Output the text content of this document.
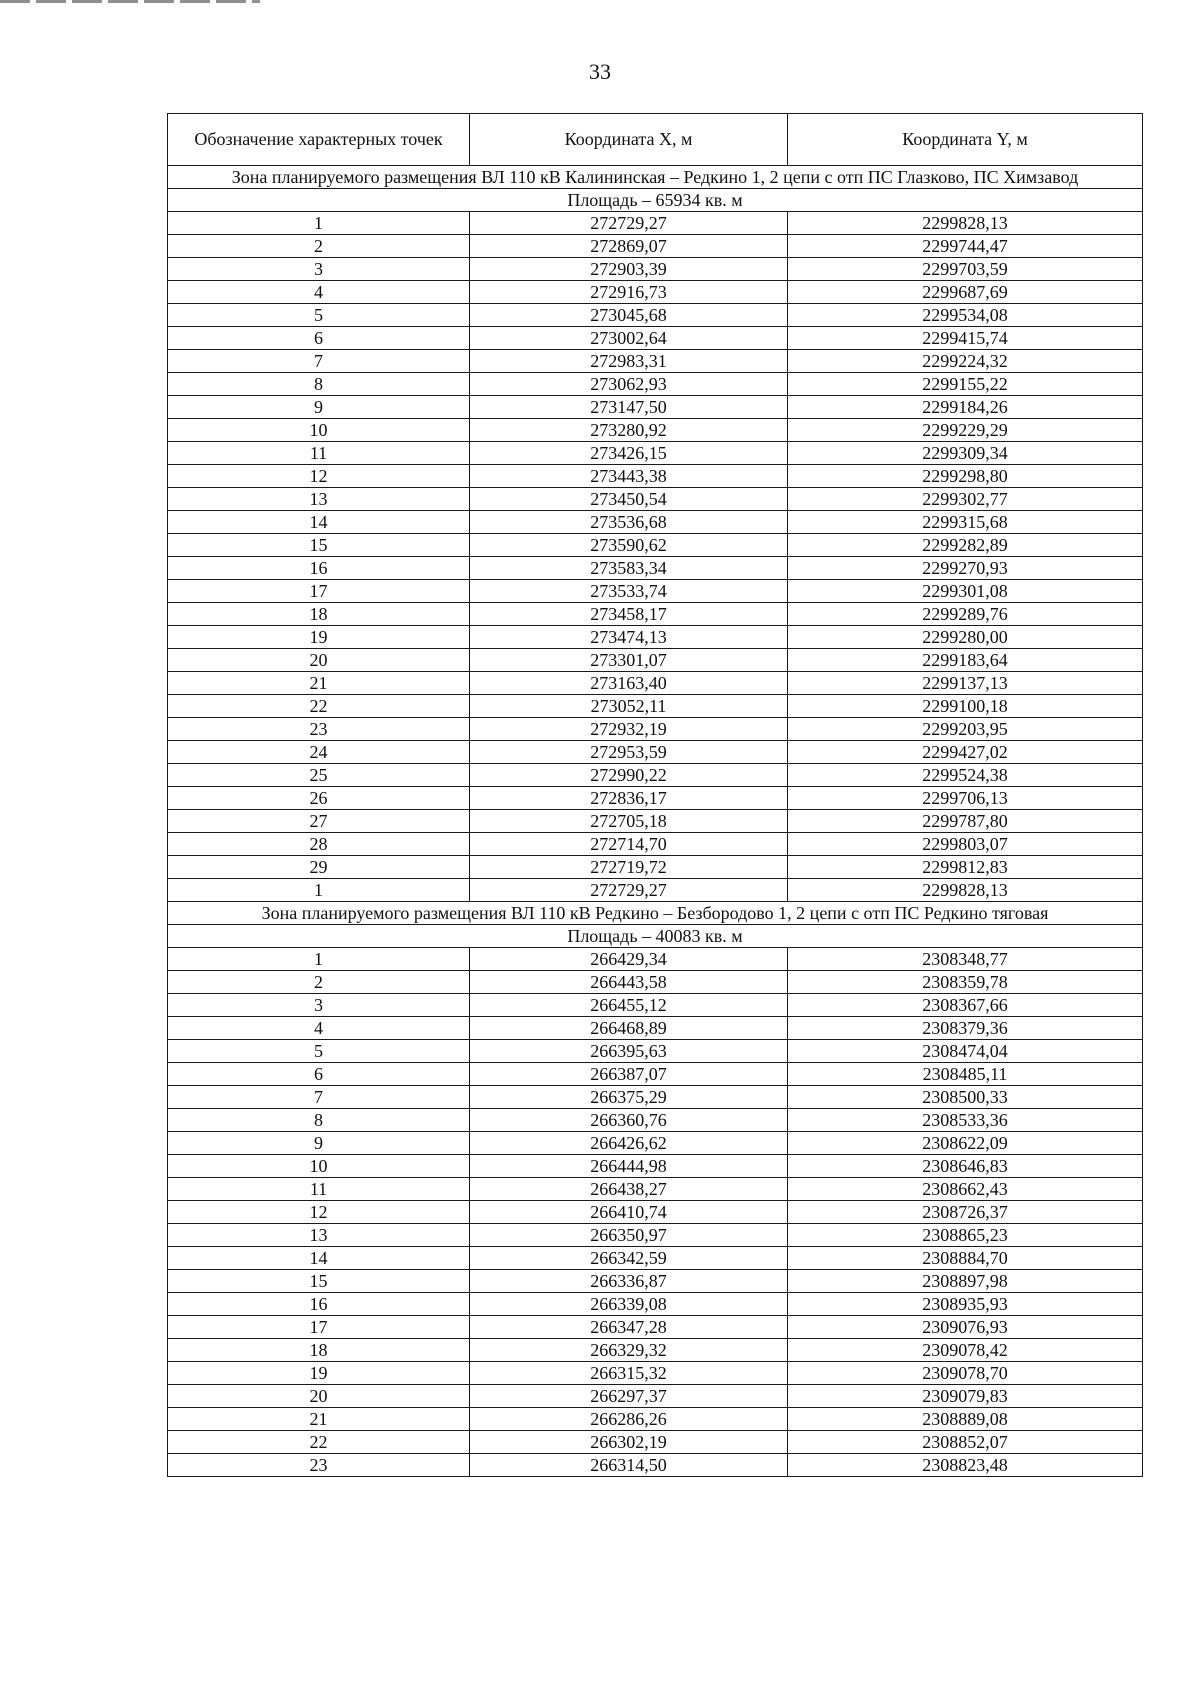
33
Обозначение характерных точек	Координата X, м	Координата Y, м
Зона планируемого размещения ВЛ 110 кВ Калининская – Редкино 1, 2 цепи с отп ПС Глазково, ПС Химзавод		
Площадь – 65934 кв. м		
1	272729,27	2299828,13
2	272869,07	2299744,47
3	272903,39	2299703,59
4	272916,73	2299687,69
5	273045,68	2299534,08
6	273002,64	2299415,74
7	272983,31	2299224,32
8	273062,93	2299155,22
9	273147,50	2299184,26
10	273280,92	2299229,29
11	273426,15	2299309,34
12	273443,38	2299298,80
13	273450,54	2299302,77
14	273536,68	2299315,68
15	273590,62	2299282,89
16	273583,34	2299270,93
17	273533,74	2299301,08
18	273458,17	2299289,76
19	273474,13	2299280,00
20	273301,07	2299183,64
21	273163,40	2299137,13
22	273052,11	2299100,18
23	272932,19	2299203,95
24	272953,59	2299427,02
25	272990,22	2299524,38
26	272836,17	2299706,13
27	272705,18	2299787,80
28	272714,70	2299803,07
29	272719,72	2299812,83
1	272729,27	2299828,13
Зона планируемого размещения ВЛ 110 кВ Редкино – Безбородово 1, 2 цепи с отп ПС Редкино тяговая		
Площадь – 40083 кв. м		
1	266429,34	2308348,77
2	266443,58	2308359,78
3	266455,12	2308367,66
4	266468,89	2308379,36
5	266395,63	2308474,04
6	266387,07	2308485,11
7	266375,29	2308500,33
8	266360,76	2308533,36
9	266426,62	2308622,09
10	266444,98	2308646,83
11	266438,27	2308662,43
12	266410,74	2308726,37
13	266350,97	2308865,23
14	266342,59	2308884,70
15	266336,87	2308897,98
16	266339,08	2308935,93
17	266347,28	2309076,93
18	266329,32	2309078,42
19	266315,32	2309078,70
20	266297,37	2309079,83
21	266286,26	2308889,08
22	266302,19	2308852,07
23	266314,50	2308823,48
